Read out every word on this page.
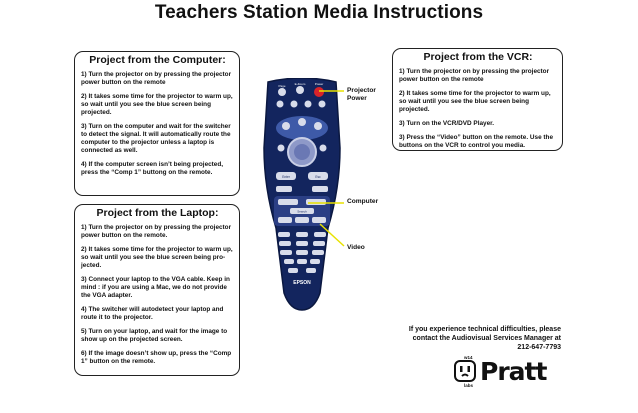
Teachers Station Media Instructions
Project from the Computer:

1) Turn the projector on by pressing the projector power button on the remote

2) It takes some time for the projector to warm up, so wait until you see the blue screen being projected.

3) Turn on the computer and wait for the switcher to detect the signal. It will automatically route the computer to the projector unless a laptop is connected as well.

4) If the computer screen isn’t being projected, press the “Comp 1” buttong on the remote.

Project from the Laptop:

1) Turn the projector on by pressing the projector power button on the remote.

2) It takes some time for the projector to warm up, so wait until you see the blue screen being pro-jected.

3) Connect your laptop to the VGA cable. Keep in mind : if you are using a Mac, we do not provide the VGA adapter.

4) The switcher will autodetect your laptop and route it to the projector.

5) Turn on your laptop, and wait for the image to show up on the projected screen.

6) If the image doesn’t show up, press the “Comp 1” button on the remote.

Project from the VCR:

1) Turn the projector on by pressing the projector power button on the remote

2) It takes some time for the projector to warm up, so wait until you see the blue screen being projected.

3) Turn on the VCR/DVD Player.

3) Press the “Video” button on the remote. Use the buttons on the VCR to control you media.

Page	E-Zoom	Power
Enter	Esc
Search
EPSON
Projector
Power
Computer
Video
If you experience technical difficulties, please
contact the Audiovisual Services Manager at
212-647-7793
w14
labs Pratt
